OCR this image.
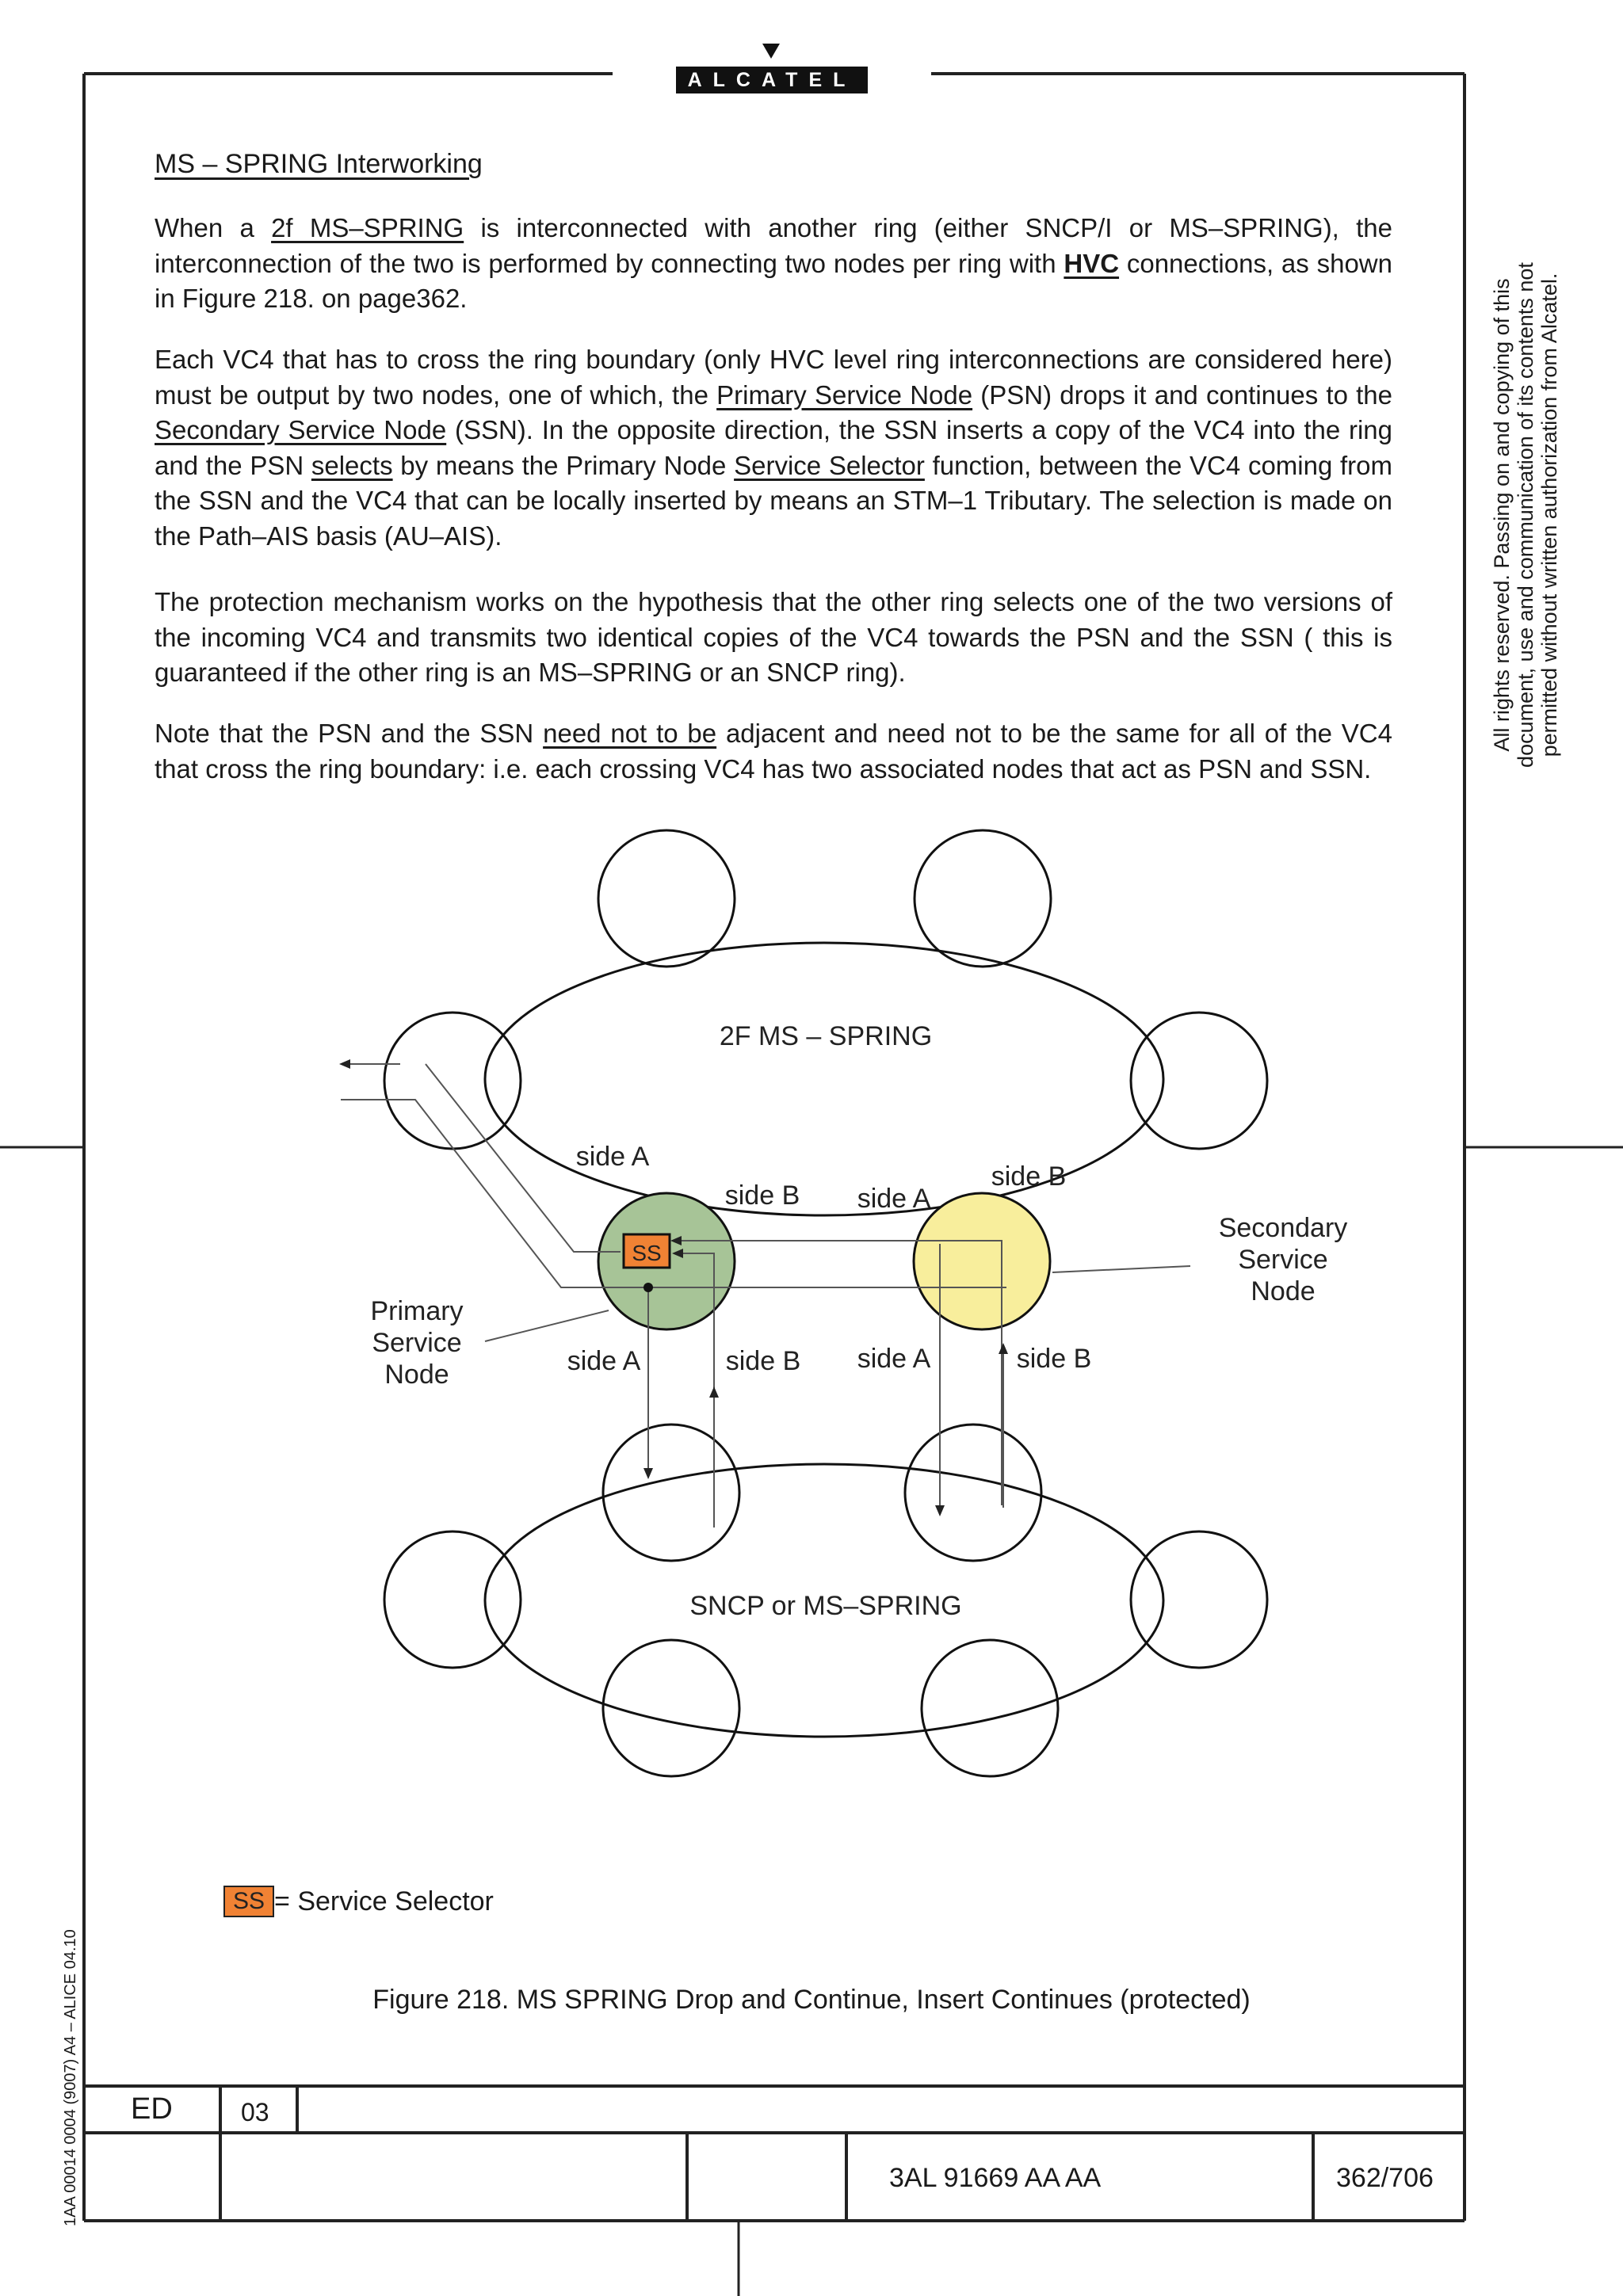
ALCATEL
MS – SPRING Interworking

When a 2f MS–SPRING is interconnected with another ring (either SNCP/I or MS–SPRING), the interconnection of the two is performed by connecting two nodes per ring with HVC connections, as shown in Figure 218. on page362.

Each VC4 that has to cross the ring boundary (only HVC level ring interconnections are considered here) must be output by two nodes, one of which, the Primary Service Node (PSN) drops it and continues to the Secondary Service Node (SSN). In the opposite direction, the SSN inserts a copy of the VC4 into the ring and the PSN selects by means the Primary Node Service Selector function, between the VC4 coming from the SSN and the VC4 that can be locally inserted by means an STM–1 Tributary. The selection is made on the Path–AIS basis (AU–AIS).

The protection mechanism works on the hypothesis that the other ring selects one of the two versions of the incoming VC4 and transmits two identical copies of the VC4 towards the PSN and the SSN ( this is guaranteed if the other ring is an MS–SPRING or an SNCP ring).

Note that the PSN and the SSN need not to be adjacent and need not to be the same for all of the VC4 that cross the ring boundary: i.e. each crossing VC4 has two associated nodes that act as PSN and SSN.

SS
2F MS – SPRING
SNCP or MS–SPRING
side A
side B side A
side B
side A	side B side A	side B
Primary
Service
Node
Secondary
Service
Node
SS = Service Selector
Figure 218. MS SPRING Drop and Continue, Insert Continues (protected)
All rights reserved. Passing on and copying of this document, use and communication of its contents not permitted without written authorization from Alcatel.
1AA 00014 0004 (9007) A4 – ALICE 04.10 ED	03
3AL 91669 AA AA	362/706
